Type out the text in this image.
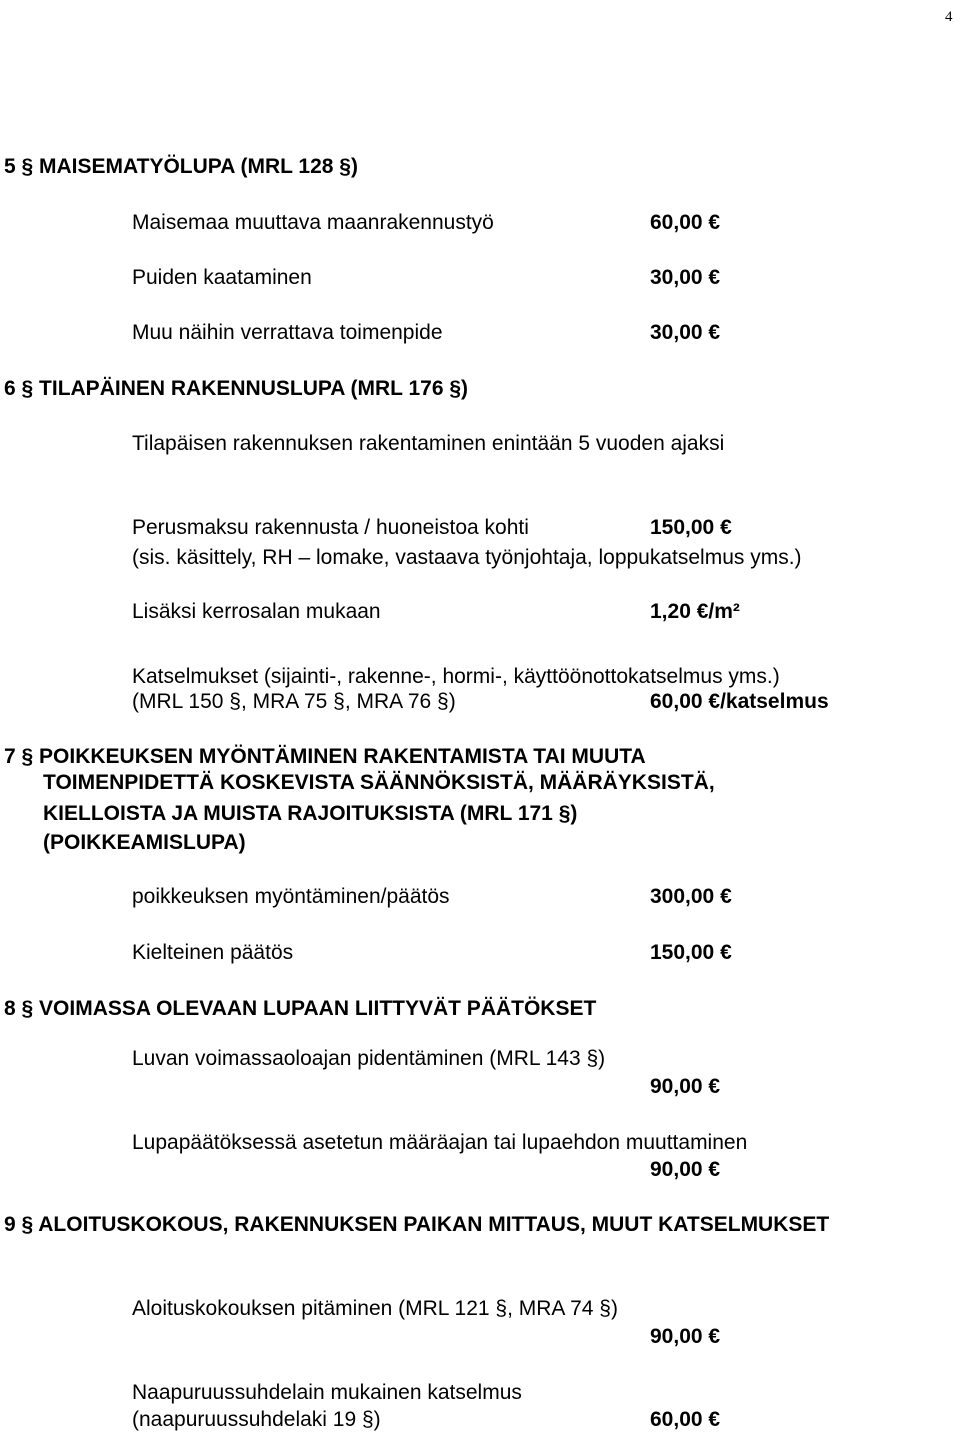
4
5 § MAISEMATYÖLUPA (MRL 128 §)
Maisemaa muuttava maanrakennustyö	60,00 €
Puiden kaataminen	30,00 €
Muu näihin verrattava toimenpide	30,00 €
6 § TILAPÄINEN RAKENNUSLUPA (MRL 176 §)
Tilapäisen rakennuksen rakentaminen enintään 5 vuoden ajaksi
Perusmaksu rakennusta / huoneistoa kohti	150,00 €
(sis. käsittely, RH – lomake, vastaava työnjohtaja, loppukatselmus yms.)
Lisäksi kerrosalan mukaan	1,20 €/m²
Katselmukset (sijainti-, rakenne-, hormi-, käyttöönottokatselmus yms.)
(MRL 150 §, MRA 75 §, MRA 76 §)	60,00 €/katselmus
7 § POIKKEUKSEN MYÖNTÄMINEN RAKENTAMISTA TAI MUUTA
TOIMENPIDETTÄ KOSKEVISTA SÄÄNNÖKSISTÄ, MÄÄRÄYKSISTÄ,
KIELLOISTA JA MUISTA RAJOITUKSISTA (MRL 171 §)
(POIKKEAMISLUPA)
poikkeuksen myöntäminen/päätös	300,00 €
Kielteinen päätös	150,00 €
8 § VOIMASSA OLEVAAN LUPAAN LIITTYVÄT PÄÄTÖKSET
Luvan voimassaoloajan pidentäminen (MRL 143 §)
90,00 €
Lupapäätöksessä asetetun määräajan tai lupaehdon muuttaminen
90,00 €
9 § ALOITUSKOKOUS, RAKENNUKSEN PAIKAN MITTAUS, MUUT KATSELMUKSET
Aloituskokouksen pitäminen (MRL 121 §, MRA 74 §)
90,00 €
Naapuruussuhdelain mukainen katselmus
(naapuruussuhdelaki 19 §)	60,00 €
